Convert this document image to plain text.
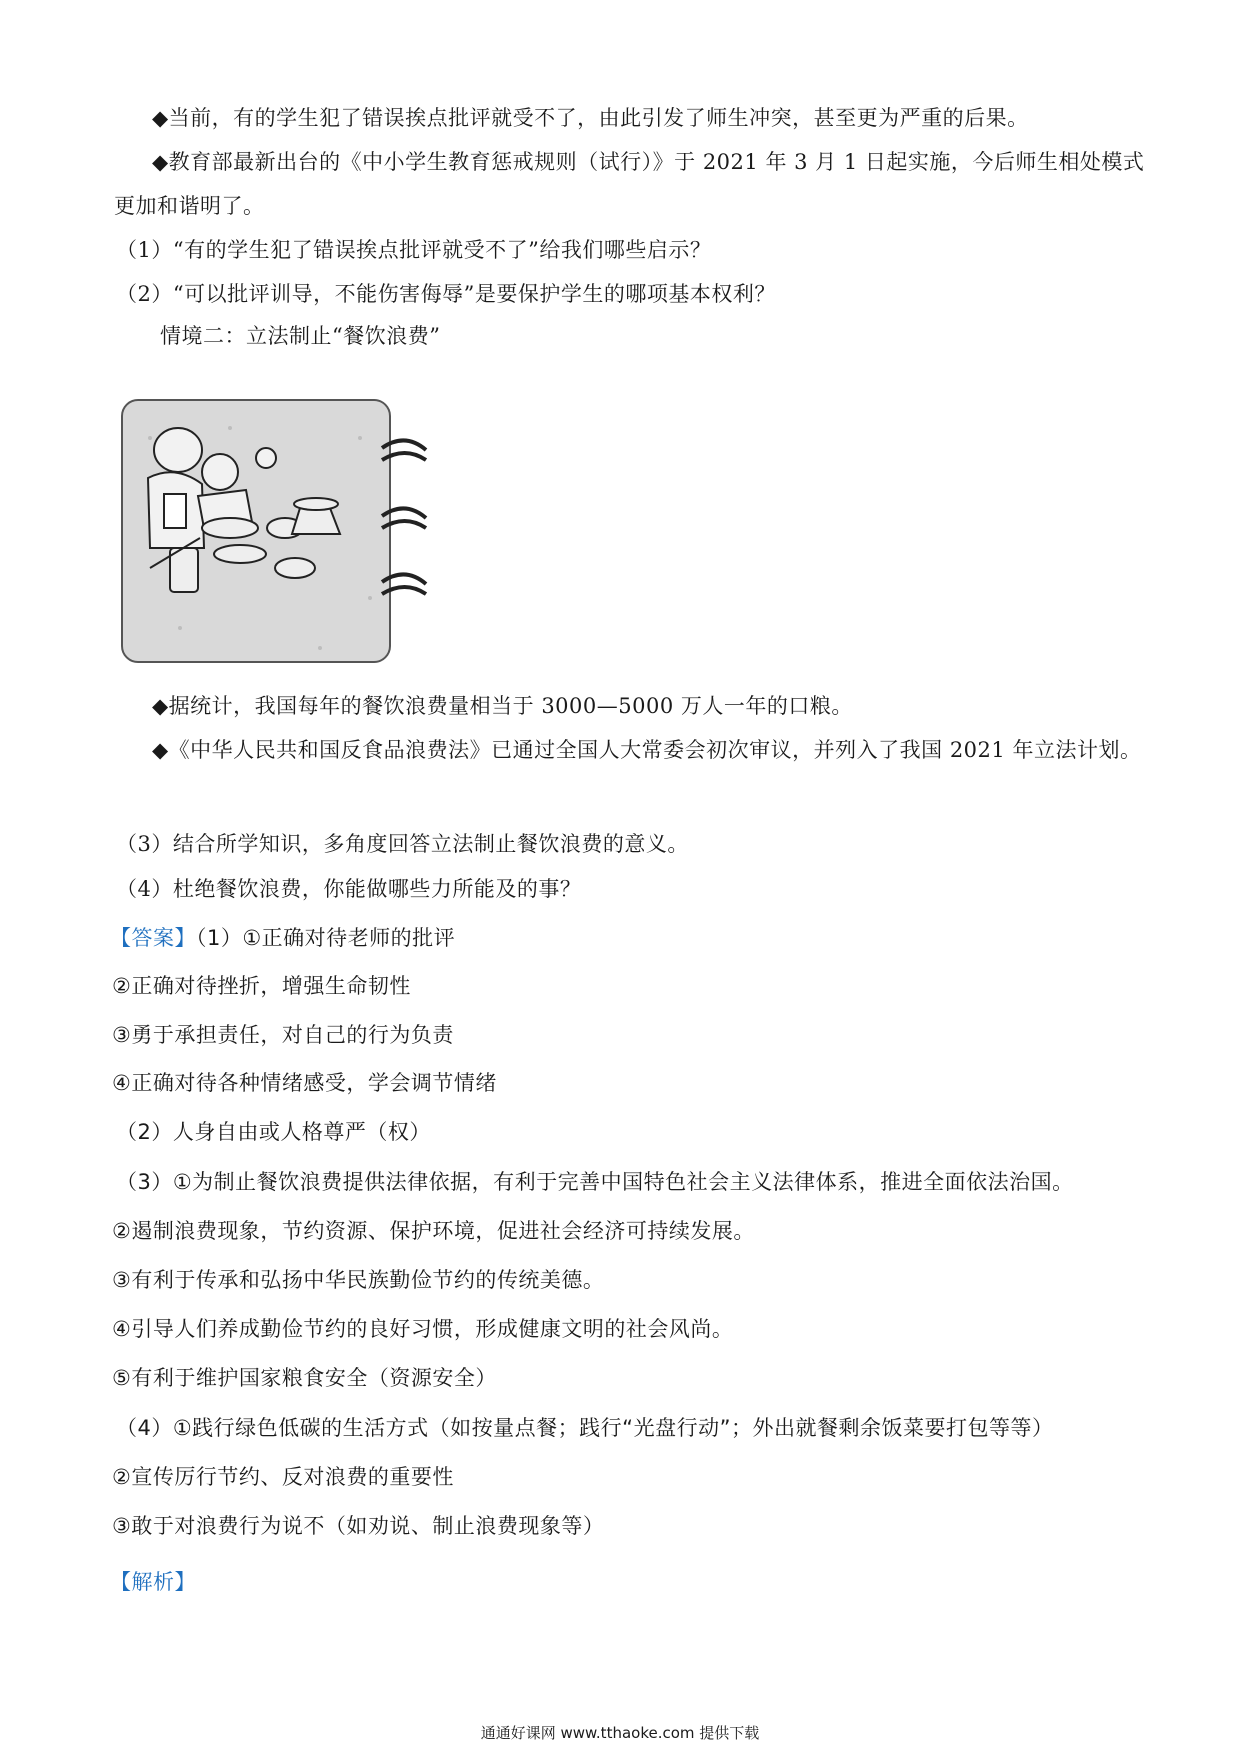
◆当前，有的学生犯了错误挨点批评就受不了，由此引发了师生冲突，甚至更为严重的后果。
◆教育部最新出台的《中小学生教育惩戒规则（试行）》于 2021 年 3 月 1 日起实施，今后师生相处模式
更加和谐明了。
（1）“有的学生犯了错误挨点批评就受不了”给我们哪些启示？
（2）“可以批评训导，不能伤害侮辱”是要保护学生的哪项基本权利？
情境二：立法制止“餐饮浪费”
◆据统计，我国每年的餐饮浪费量相当于 3000—5000 万人一年的口粮。
◆《中华人民共和国反食品浪费法》已通过全国人大常委会初次审议，并列入了我国 2021 年立法计划。
（3）结合所学知识，多角度回答立法制止餐饮浪费的意义。
（4）杜绝餐饮浪费，你能做哪些力所能及的事？
【答案】（1）①正确对待老师的批评
②正确对待挫折，增强生命韧性
③勇于承担责任，对自己的行为负责
④正确对待各种情绪感受，学会调节情绪
（2）人身自由或人格尊严（权）
（3）①为制止餐饮浪费提供法律依据，有利于完善中国特色社会主义法律体系，推进全面依法治国。
②遏制浪费现象，节约资源、保护环境，促进社会经济可持续发展。
③有利于传承和弘扬中华民族勤俭节约的传统美德。
④引导人们养成勤俭节约的良好习惯，形成健康文明的社会风尚。
⑤有利于维护国家粮食安全（资源安全）
（4）①践行绿色低碳的生活方式（如按量点餐；践行“光盘行动”；外出就餐剩余饭菜要打包等等）
②宣传厉行节约、反对浪费的重要性
③敢于对浪费行为说不（如劝说、制止浪费现象等）
【解析】
通通好课网 www.tthaoke.com 提供下载
